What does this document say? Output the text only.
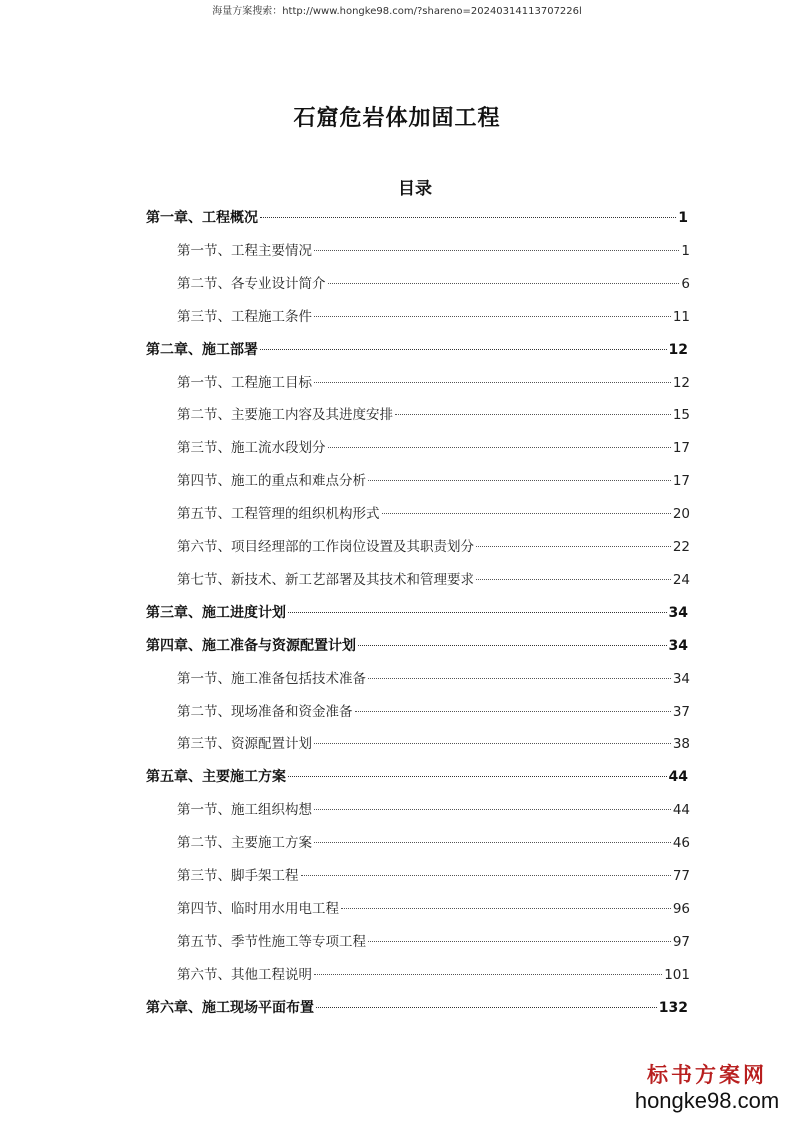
海量方案搜索：http://www.hongke98.com/?shareno=20240314113707226l
石窟危岩体加固工程
目录
第一章、工程概况	1
第一节、工程主要情况	1
第二节、各专业设计简介	6
第三节、工程施工条件	11
第二章、施工部署	12
第一节、工程施工目标	12
第二节、主要施工内容及其进度安排	15
第三节、施工流水段划分	17
第四节、施工的重点和难点分析	17
第五节、工程管理的组织机构形式	20
第六节、项目经理部的工作岗位设置及其职责划分	22
第七节、新技术、新工艺部署及其技术和管理要求	24
第三章、施工进度计划	34
第四章、施工准备与资源配置计划	34
第一节、施工准备包括技术准备	34
第二节、现场准备和资金准备	37
第三节、资源配置计划	38
第五章、主要施工方案	44
第一节、施工组织构想	44
第二节、主要施工方案	46
第三节、脚手架工程	77
第四节、临时用水用电工程	96
第五节、季节性施工等专项工程	97
第六节、其他工程说明	101
第六章、施工现场平面布置	132
标书方案网
hongke98.com
